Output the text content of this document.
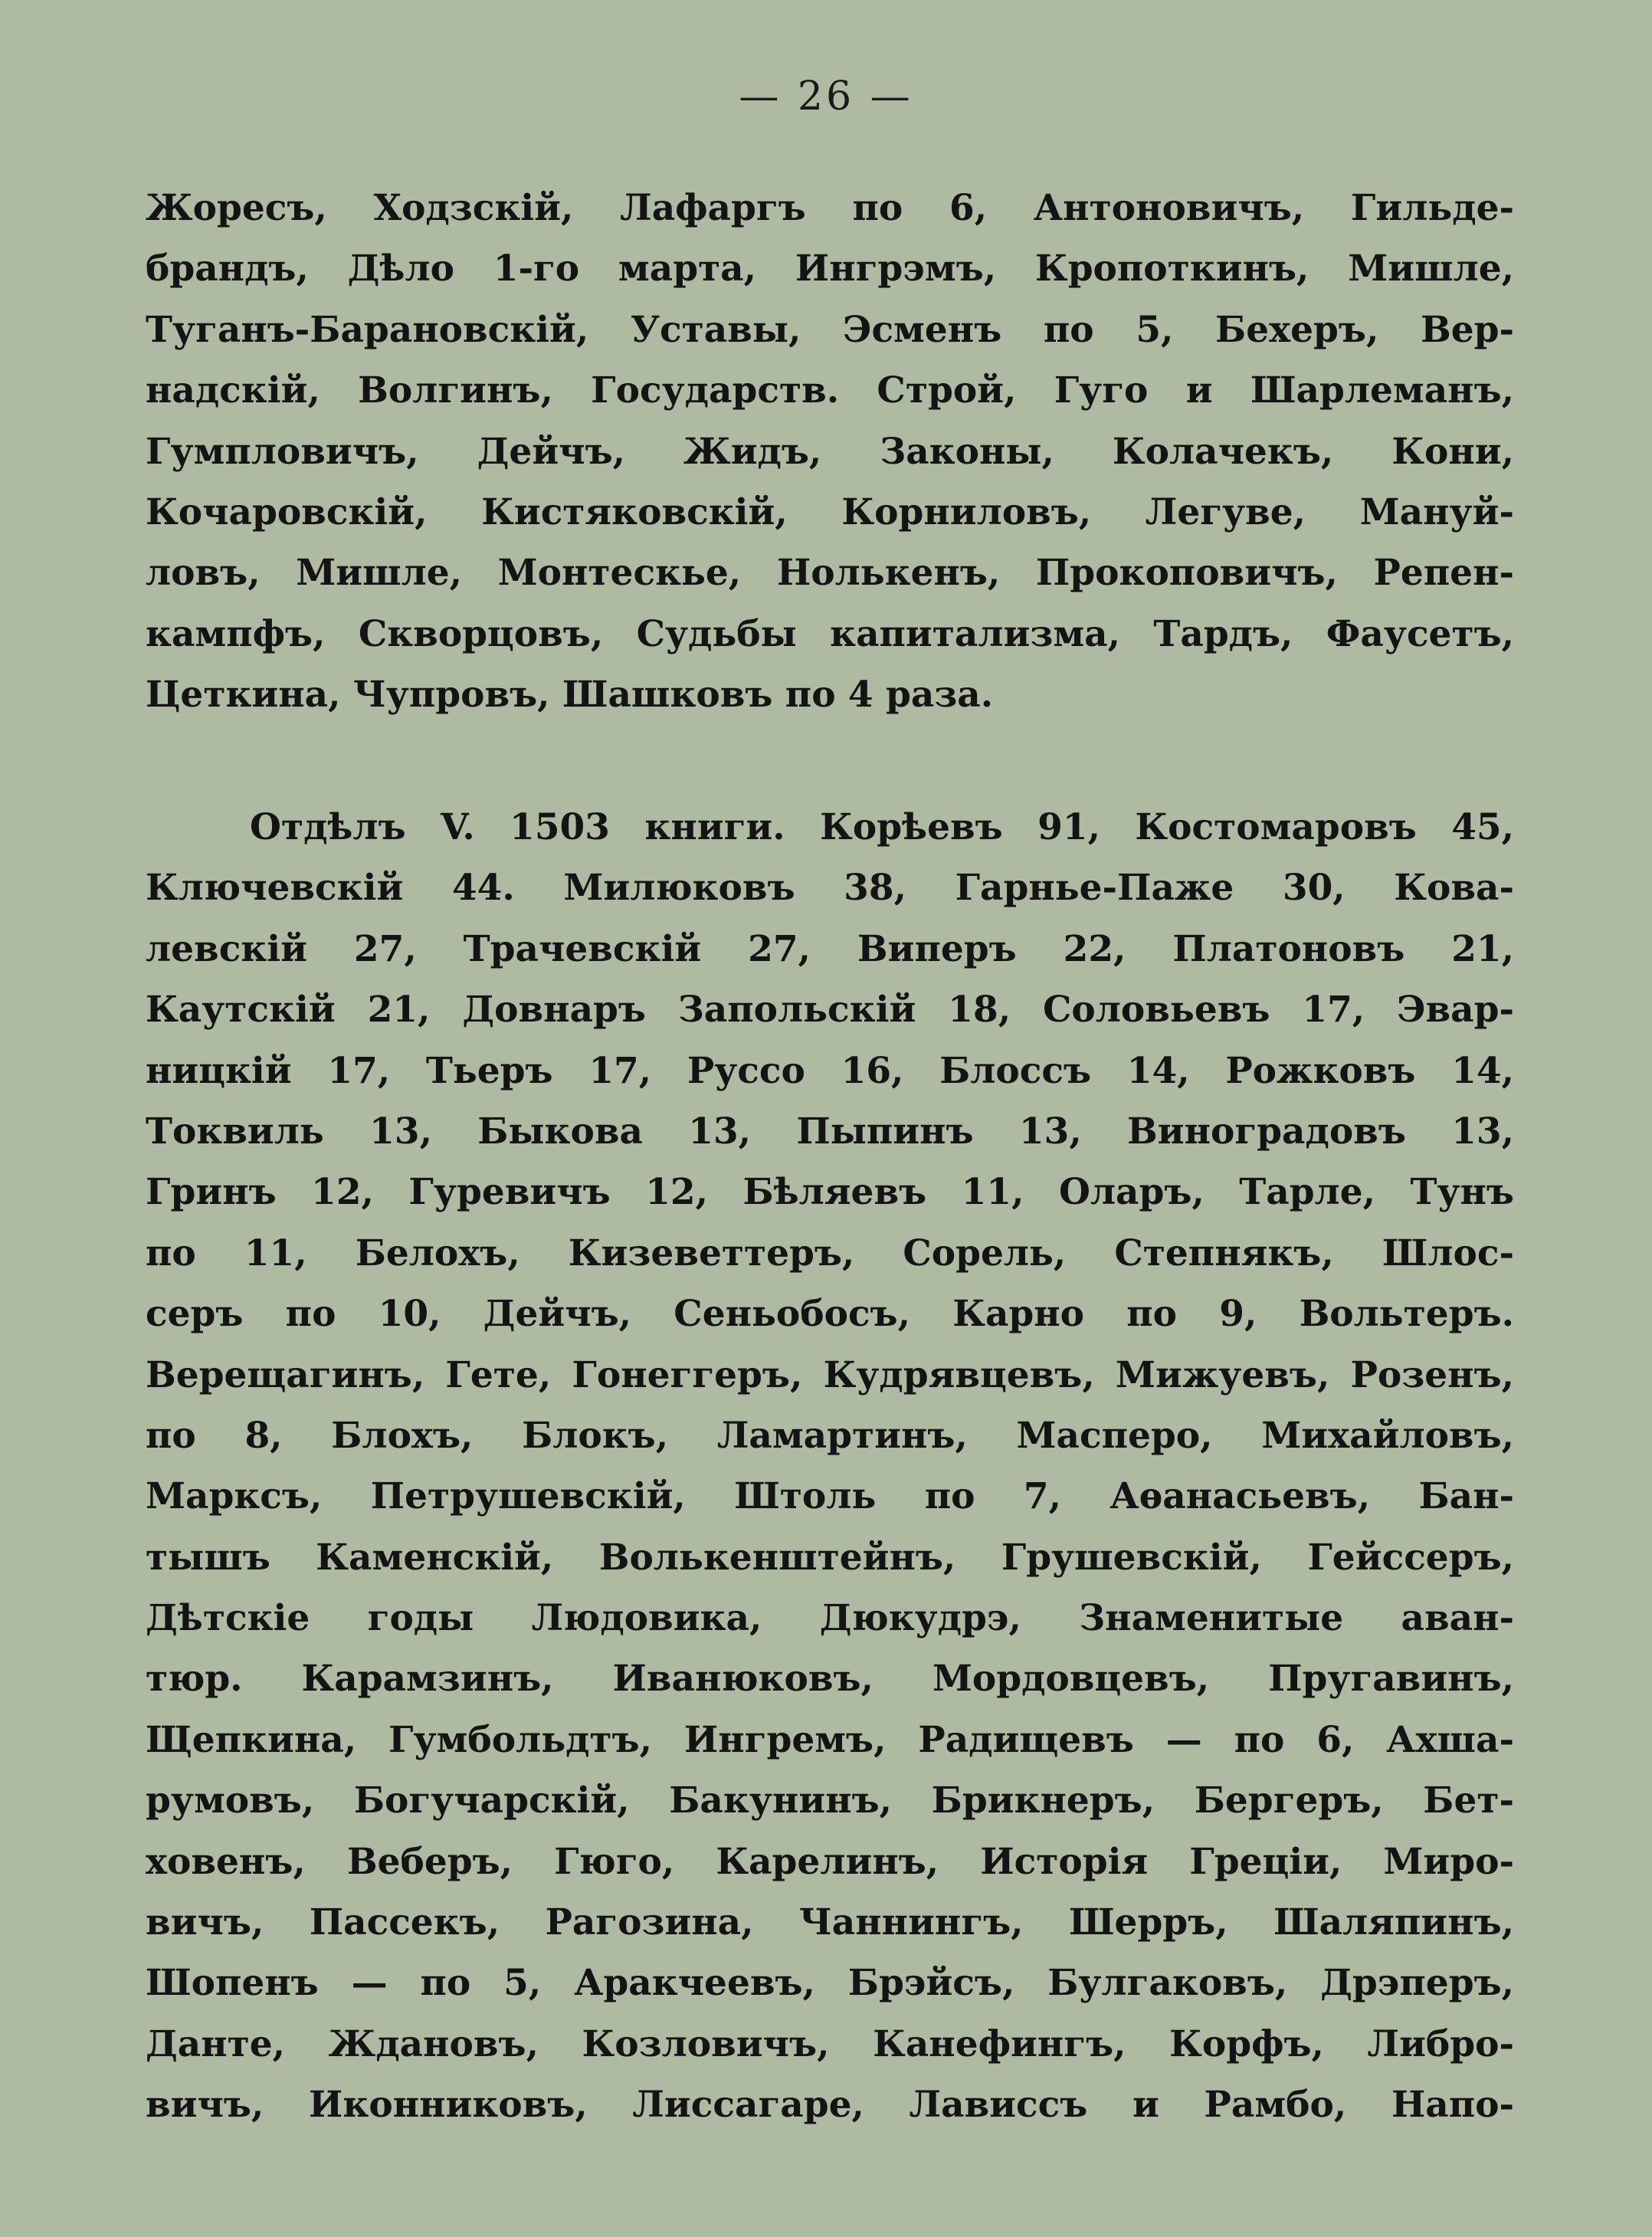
— 26 —
Жоресъ, Ходзскій, Лафаргъ по 6, Антоновичъ, Гильде-
брандъ, Дѣло 1-го марта, Ингрэмъ, Кропоткинъ, Мишле,
Туганъ-Барановскій, Уставы, Эсменъ по 5, Бехеръ, Вер-
надскій, Волгинъ, Государств. Строй, Гуго и Шарлеманъ,
Гумпловичъ, Дейчъ, Жидъ, Законы, Колачекъ, Кони,
Кочаровскій, Кистяковскій, Корниловъ, Легуве, Мануй-
ловъ, Мишле, Монтескье, Нолькенъ, Прокоповичъ, Репен-
кампфъ, Скворцовъ, Судьбы капитализма, Тардъ, Фаусетъ,
Цеткина, Чупровъ, Шашковъ по 4 раза.
Отдѣлъ V. 1503 книги. Корѣевъ 91, Костомаровъ 45,
Ключевскій 44. Милюковъ 38, Гарнье-Паже 30, Кова-
левскій 27, Трачевскій 27, Виперъ 22, Платоновъ 21,
Каутскій 21, Довнаръ Запольскій 18, Соловьевъ 17, Эвар-
ницкій 17, Тьеръ 17, Руссо 16, Блоссъ 14, Рожковъ 14,
Токвиль 13, Быкова 13, Пыпинъ 13, Виноградовъ 13,
Гринъ 12, Гуревичъ 12, Бѣляевъ 11, Оларъ, Тарле, Тунъ
по 11, Белохъ, Кизеветтеръ, Сорель, Степнякъ, Шлос-
серъ по 10, Дейчъ, Сеньобосъ, Карно по 9, Вольтеръ.
Верещагинъ, Гете, Гонеггеръ, Кудрявцевъ, Мижуевъ, Розенъ,
по 8, Блохъ, Блокъ, Ламартинъ, Масперо, Михайловъ,
Марксъ, Петрушевскій, Штоль по 7, Аѳанасьевъ, Бан-
тышъ Каменскій, Волькенштейнъ, Грушевскій, Гейссеръ,
Дѣтскіе годы Людовика, Дюкудрэ, Знаменитые аван-
тюр. Карамзинъ, Иванюковъ, Мордовцевъ, Пругавинъ,
Щепкина, Гумбольдтъ, Ингремъ, Радищевъ — по 6, Ахша-
румовъ, Богучарскій, Бакунинъ, Брикнеръ, Бергеръ, Бет-
ховенъ, Веберъ, Гюго, Карелинъ, Исторія Греціи, Миро-
вичъ, Пассекъ, Рагозина, Чаннингъ, Шерръ, Шаляпинъ,
Шопенъ — по 5, Аракчеевъ, Брэйсъ, Булгаковъ, Дрэперъ,
Данте, Ждановъ, Козловичъ, Канефингъ, Корфъ, Либро-
вичъ, Иконниковъ, Лиссагаре, Лависсъ и Рамбо, Напо-
